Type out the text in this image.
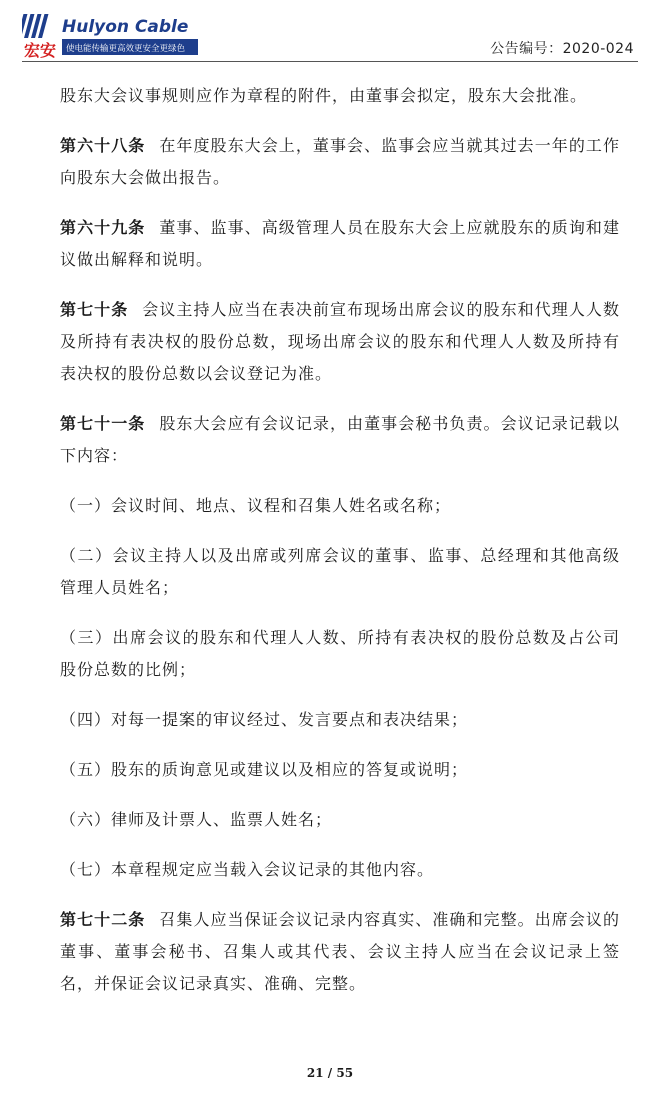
Hulyon Cable
宏安 使电能传输更高效更安全更绿色	公告编号：2020-024

股东大会议事规则应作为章程的附件，由董事会拟定，股东大会批准。

第六十八条 在年度股东大会上，董事会、监事会应当就其过去一年的工作向股东大会做出报告。

第六十九条 董事、监事、高级管理人员在股东大会上应就股东的质询和建议做出解释和说明。

第七十条 会议主持人应当在表决前宣布现场出席会议的股东和代理人人数及所持有表决权的股份总数，现场出席会议的股东和代理人人数及所持有表决权的股份总数以会议登记为准。

第七十一条 股东大会应有会议记录，由董事会秘书负责。会议记录记载以下内容：

（一）会议时间、地点、议程和召集人姓名或名称；

（二）会议主持人以及出席或列席会议的董事、监事、总经理和其他高级管理人员姓名；

（三）出席会议的股东和代理人人数、所持有表决权的股份总数及占公司股份总数的比例；

（四）对每一提案的审议经过、发言要点和表决结果；

（五）股东的质询意见或建议以及相应的答复或说明；

（六）律师及计票人、监票人姓名；

（七）本章程规定应当载入会议记录的其他内容。

第七十二条 召集人应当保证会议记录内容真实、准确和完整。出席会议的董事、董事会秘书、召集人或其代表、会议主持人应当在会议记录上签名，并保证会议记录真实、准确、完整。

21 / 55
